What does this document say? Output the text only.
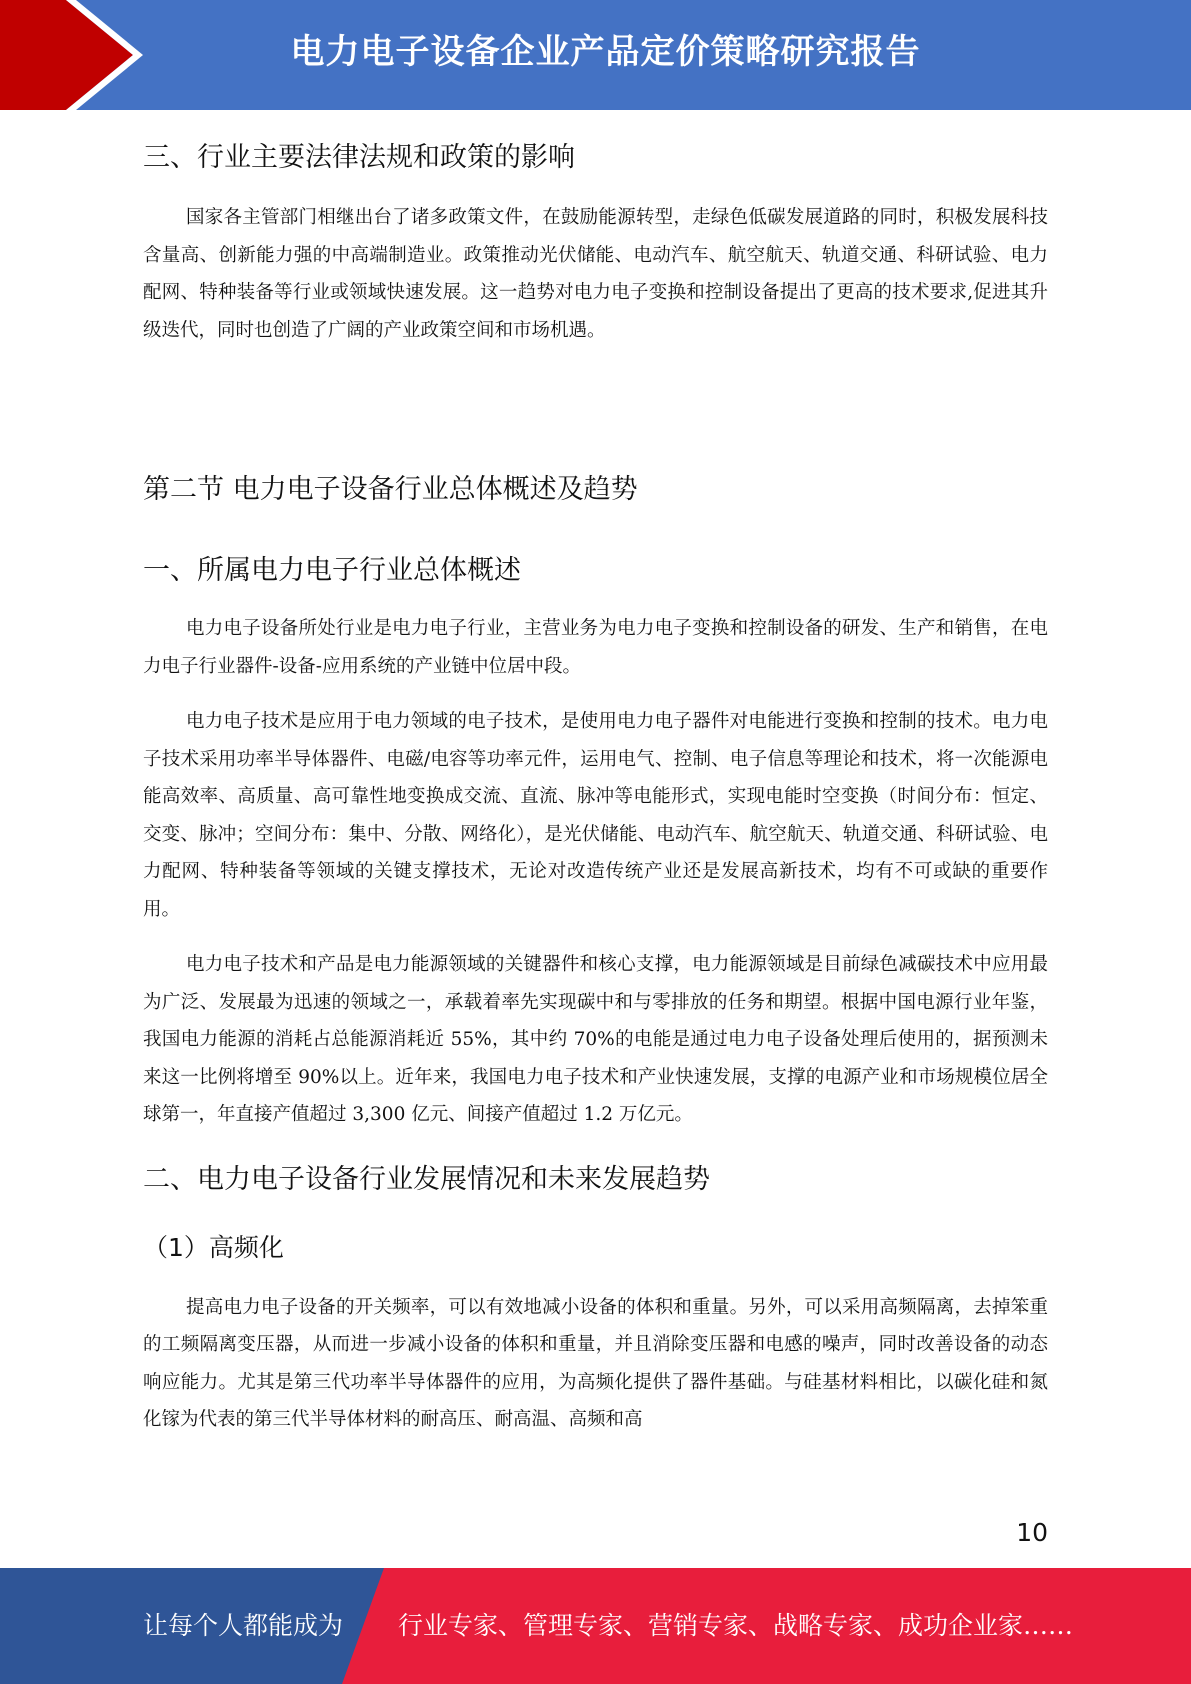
电力电子设备企业产品定价策略研究报告
三、行业主要法律法规和政策的影响

国家各主管部门相继出台了诸多政策文件，在鼓励能源转型，走绿色低碳发展道路的同时，积极发展科技含量高、创新能力强的中高端制造业。政策推动光伏储能、电动汽车、航空航天、轨道交通、科研试验、电力配网、特种装备等行业或领域快速发展。这一趋势对电力电子变换和控制设备提出了更高的技术要求,促进其升级迭代，同时也创造了广阔的产业政策空间和市场机遇。

第二节 电力电子设备行业总体概述及趋势
一、所属电力电子行业总体概述

电力电子设备所处行业是电力电子行业，主营业务为电力电子变换和控制设备的研发、生产和销售，在电力电子行业器件-设备-应用系统的产业链中位居中段。

电力电子技术是应用于电力领域的电子技术，是使用电力电子器件对电能进行变换和控制的技术。电力电子技术采用功率半导体器件、电磁/电容等功率元件，运用电气、控制、电子信息等理论和技术，将一次能源电能高效率、高质量、高可靠性地变换成交流、直流、脉冲等电能形式，实现电能时空变换（时间分布：恒定、交变、脉冲；空间分布：集中、分散、网络化），是光伏储能、电动汽车、航空航天、轨道交通、科研试验、电力配网、特种装备等领域的关键支撑技术，无论对改造传统产业还是发展高新技术，均有不可或缺的重要作用。

电力电子技术和产品是电力能源领域的关键器件和核心支撑，电力能源领域是目前绿色减碳技术中应用最为广泛、发展最为迅速的领域之一，承载着率先实现碳中和与零排放的任务和期望。根据中国电源行业年鉴，我国电力能源的消耗占总能源消耗近 55%，其中约 70%的电能是通过电力电子设备处理后使用的，据预测未来这一比例将增至 90%以上。近年来，我国电力电子技术和产业快速发展，支撑的电源产业和市场规模位居全球第一，年直接产值超过 3,300 亿元、间接产值超过 1.2 万亿元。

二、电力电子设备行业发展情况和未来发展趋势
（1）高频化

提高电力电子设备的开关频率，可以有效地减小设备的体积和重量。另外，可以采用高频隔离，去掉笨重的工频隔离变压器，从而进一步减小设备的体积和重量，并且消除变压器和电感的噪声，同时改善设备的动态响应能力。尤其是第三代功率半导体器件的应用，为高频化提供了器件基础。与硅基材料相比，以碳化硅和氮化镓为代表的第三代半导体材料的耐高压、耐高温、高频和高

10
让每个人都能成为 行业专家、管理专家、营销专家、战略专家、成功企业家……
